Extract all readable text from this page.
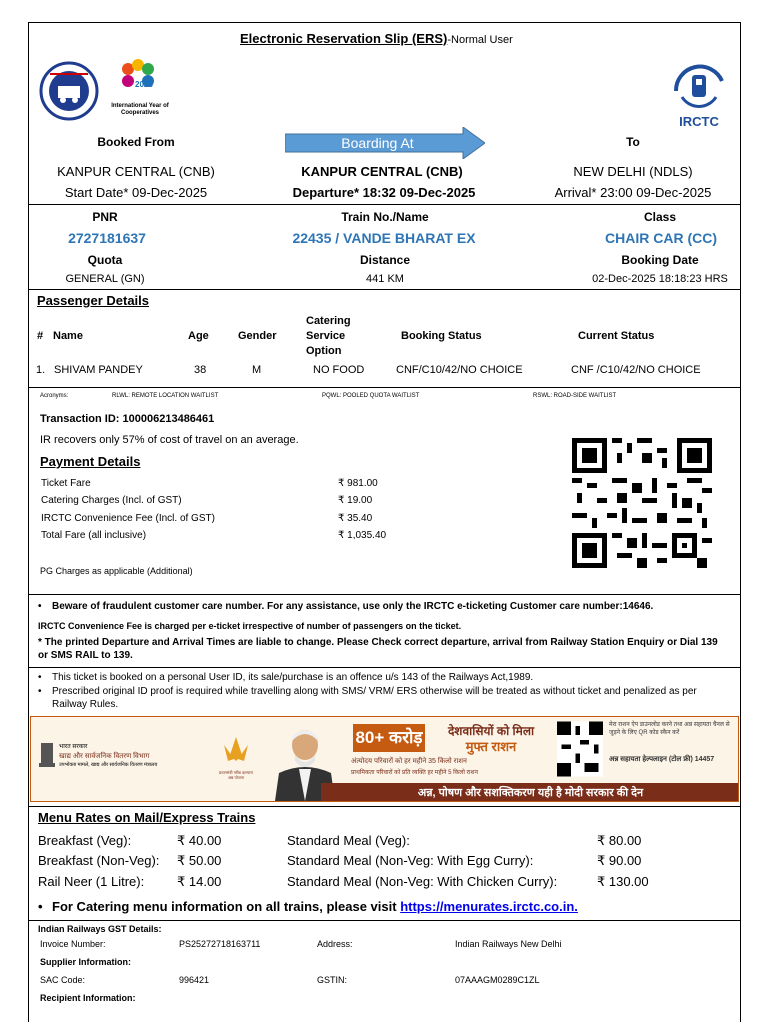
Electronic Reservation Slip (ERS)-Normal User
2025
International Year of Cooperatives
IRCTC
Booked From	Boarding At	To
KANPUR CENTRAL (CNB)	KANPUR CENTRAL (CNB)	NEW DELHI (NDLS)
Start Date* 09-Dec-2025	Departure* 18:32 09-Dec-2025	Arrival* 23:00 09-Dec-2025
PNR	Train No./Name	Class
2727181637	22435 / VANDE BHARAT EX	CHAIR CAR (CC)
Quota	Distance	Booking Date
GENERAL (GN)	441 KM	02-Dec-2025 18:18:23 HRS
Passenger Details
# Name	Age	Gender
Catering
Service
Option
Booking Status	Current Status
1. SHIVAM PANDEY	38	M	NO FOOD	CNF/C10/42/NO CHOICE	CNF /C10/42/NO CHOICE
Acronyms:	RLWL: REMOTE LOCATION WAITLIST	PQWL: POOLED QUOTA WAITLIST	RSWL: ROAD-SIDE WAITLIST
Transaction ID: 100006213486461
IR recovers only 57% of cost of travel on an average.
Payment Details
Ticket Fare	₹ 981.00
Catering Charges (Incl. of GST)	₹ 19.00
IRCTC Convenience Fee (Incl. of GST)	₹ 35.40
Total Fare (all inclusive)	₹ 1,035.40
PG Charges as applicable (Additional)
• Beware of fraudulent customer care number. For any assistance, use only the IRCTC e-ticketing Customer care number:14646.
IRCTC Convenience Fee is charged per e-ticket irrespective of number of passengers on the ticket.
* The printed Departure and Arrival Times are liable to change. Please Check correct departure, arrival from Railway Station Enquiry or Dial 139 or SMS RAIL to 139.
• This ticket is booked on a personal User ID, its sale/purchase is an offence u/s 143 of the Railways Act,1989.
• Prescribed original ID proof is required while travelling along with SMS/ VRM/ ERS otherwise will be treated as without ticket and penalized as per Railway Rules.
भारत सरकार
खाद्य और सार्वजनिक वितरण विभाग
उपभोक्ता मामले, खाद्य और सार्वजनिक वितरण मंत्रालय
प्रधानमंत्री गरीब कल्याण अन्न योजना
80+ करोड़	देशवासियों को मिला
मुफ्त राशन
अंत्योदय परिवारों को हर महीने 35 किलो राशन
प्राथमिकता परिवारों को प्रति व्यक्ति हर महीने 5 किलो राशन
मेरा राशन ऐप डाउनलोड करने तथा अन्न सहायता चैनल से जुड़ने के लिए QR कोड स्कैन करें
अन्न सहायता हेल्पलाइन (टोल फ्री) 14457
अन्न, पोषण और सशक्तिकरण यही है मोदी सरकार की देन
Menu Rates on Mail/Express Trains
Breakfast (Veg):	₹ 40.00
Breakfast (Non-Veg): ₹ 50.00
Rail Neer (1 Litre):	₹ 14.00
Standard Meal (Veg):	₹ 80.00
Standard Meal (Non-Veg: With Egg Curry):	₹ 90.00
Standard Meal (Non-Veg: With Chicken Curry):	₹ 130.00
• For Catering menu information on all trains, please visit https://menurates.irctc.co.in.
Indian Railways GST Details:
Invoice Number:	PS25272718163711	Address:	Indian Railways New Delhi
Supplier Information:
SAC Code:	996421	GSTIN:	07AAAGM0289C1ZL
Recipient Information:
